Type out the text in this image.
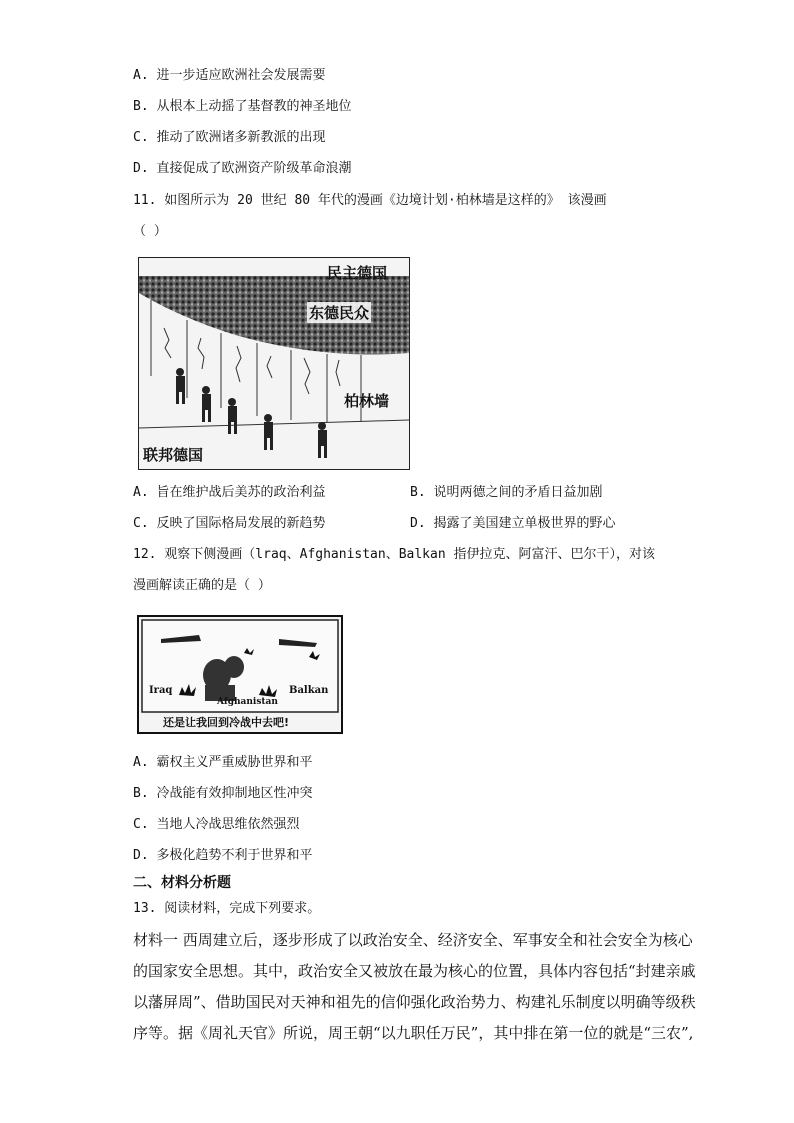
A. 进一步适应欧洲社会发展需要
B. 从根本上动摇了基督教的神圣地位
C. 推动了欧洲诸多新教派的出现
D. 直接促成了欧洲资产阶级革命浪潮
11. 如图所示为 20 世纪 80 年代的漫画《边境计划·柏林墙是这样的》 该漫画
（ ）
民主德国
东德民众
柏林墙
联邦德国
A. 旨在维护战后美苏的政治利益	B. 说明两德之间的矛盾日益加剧
C. 反映了国际格局发展的新趋势	D. 揭露了美国建立单极世界的野心
12. 观察下侧漫画（lraq、Afghanistan、Balkan 指伊拉克、阿富汗、巴尔干），对该
漫画解读正确的是（ ）
Iraq
Afghanistan
Balkan
还是让我回到冷战中去吧!
A. 霸权主义严重威胁世界和平
B. 冷战能有效抑制地区性冲突
C. 当地人冷战思维依然强烈
D. 多极化趋势不利于世界和平
二、材料分析题
13. 阅读材料，完成下列要求。
材料一 西周建立后，逐步形成了以政治安全、经济安全、军事安全和社会安全为核心
的国家安全思想。其中，政治安全又被放在最为核心的位置，具体内容包括“封建亲戚
以藩屏周”、借助国民对天神和祖先的信仰强化政治势力、构建礼乐制度以明确等级秩
序等。据《周礼天官》所说，周王朝“以九职任万民”，其中排在第一位的就是“三农”,
